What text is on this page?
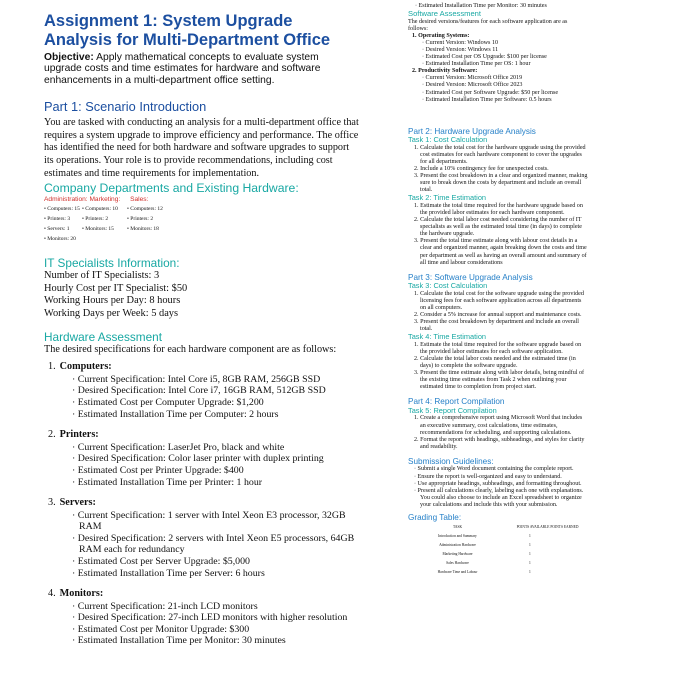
Assignment 1: System Upgrade Analysis for Multi-Department Office
Objective: Apply mathematical concepts to evaluate system upgrade costs and time estimates for hardware and software enhancements in a multi-department office setting.
Part 1: Scenario Introduction
You are tasked with conducting an analysis for a multi-department office that requires a system upgrade to improve efficiency and performance. The office has identified the need for both hardware and software upgrades to support its operations. Your role is to provide recommendations, including cost estimates and time requirements for implementation.
Company Departments and Existing Hardware:
Administration: Marketing: Sales:
• Computers: 15 • Computers: 10	• Computers: 12
• Printers: 3	• Printers: 2	• Printers: 2
• Servers: 1	• Monitors: 15	• Monitors: 18
• Monitors: 20
IT Specialists Information:
Number of IT Specialists: 3
Hourly Cost per IT Specialist: $50
Working Hours per Day: 8 hours
Working Days per Week: 5 days
Hardware Assessment
The desired specifications for each hardware component are as follows:
1. Computers:
· Current Specification: Intel Core i5, 8GB RAM, 256GB SSD
· Desired Specification: Intel Core i7, 16GB RAM, 512GB SSD
· Estimated Cost per Computer Upgrade: $1,200
· Estimated Installation Time per Computer: 2 hours
2. Printers:
· Current Specification: LaserJet Pro, black and white
· Desired Specification: Color laser printer with duplex printing
· Estimated Cost per Printer Upgrade: $400
· Estimated Installation Time per Printer: 1 hour
3. Servers:
· Current Specification: 1 server with Intel Xeon E3 processor, 32GB RAM
· Desired Specification: 2 servers with Intel Xeon E5 processors, 64GB RAM each for redundancy
· Estimated Cost per Server Upgrade: $5,000
· Estimated Installation Time per Server: 6 hours
4. Monitors:
· Current Specification: 21-inch LCD monitors
· Desired Specification: 27-inch LED monitors with higher resolution
· Estimated Cost per Monitor Upgrade: $300
· Estimated Installation Time per Monitor: 30 minutes
· Estimated Installation Time per Monitor: 30 minutes
Software Assessment
The desired versions/features for each software application are as follows:
1. Operating Systems:
· Current Version: Windows 10
· Desired Version: Windows 11
· Estimated Cost per OS Upgrade: $100 per license
· Estimated Installation Time per OS: 1 hour
2. Productivity Software:
· Current Version: Microsoft Office 2019
· Desired Version: Microsoft Office 2023
· Estimated Cost per Software Upgrade: $50 per license
· Estimated Installation Time per Software: 0.5 hours
Part 2: Hardware Upgrade Analysis
Task 1: Cost Calculation
1. Calculate the total cost for the hardware upgrade using the provided cost estimates for each hardware component to cover the upgrades for all departments.
2. Include a 10% contingency fee for unexpected costs.
3. Present the cost breakdown in a clear and organized manner, making sure to break down the costs by department and include an overall total.
Task 2: Time Estimation
1. Estimate the total time required for the hardware upgrade based on the provided labor estimates for each hardware component.
2. Calculate the total labor cost needed considering the number of IT specialists as well as the estimated total time (in days) to complete the hardware upgrade.
3. Present the total time estimate along with labour cost details in a clear and organized manner, again breaking down the costs and time per department as well as having an overall amount and summary of all time and labour considerations
Part 3: Software Upgrade Analysis
Task 3: Cost Calculation
1. Calculate the total cost for the software upgrade using the provided licensing fees for each software application across all departments on all computers.
2. Consider a 5% increase for annual support and maintenance costs.
3. Present the cost breakdown by department and include an overall total.
Task 4: Time Estimation
1. Estimate the total time required for the software upgrade based on the provided labor estimates for each software application.
2. Calculate the total labor costs needed and the estimated time (in days) to complete the software upgrade.
3. Present the time estimate along with labor details, being mindful of the existing time estimates from Task 2 when outlining your estimated time to completion from project start.
Part 4: Report Compilation
Task 5: Report Compilation
1. Create a comprehensive report using Microsoft Word that includes an executive summary, cost calculations, time estimates, recommendations for scheduling, and supporting calculations.
2. Format the report with headings, subheadings, and styles for clarity and readability.
Submission Guidelines:
· Submit a single Word document containing the complete report.
· Ensure the report is well-organized and easy to understand.
· Use appropriate headings, subheadings, and formatting throughout.
· Present all calculations clearly, labeling each one with explanations. You could also choose to include an Excel spreadsheet to organize your calculations and include this with your submission.
Grading Table:
TASK	POINTS AVAILABLE POINTS EARNED
Introduction and Summary	1
Administration Hardware	1
Marketing Hardware	1
Sales Hardware	1
Hardware Time and Labour	1
